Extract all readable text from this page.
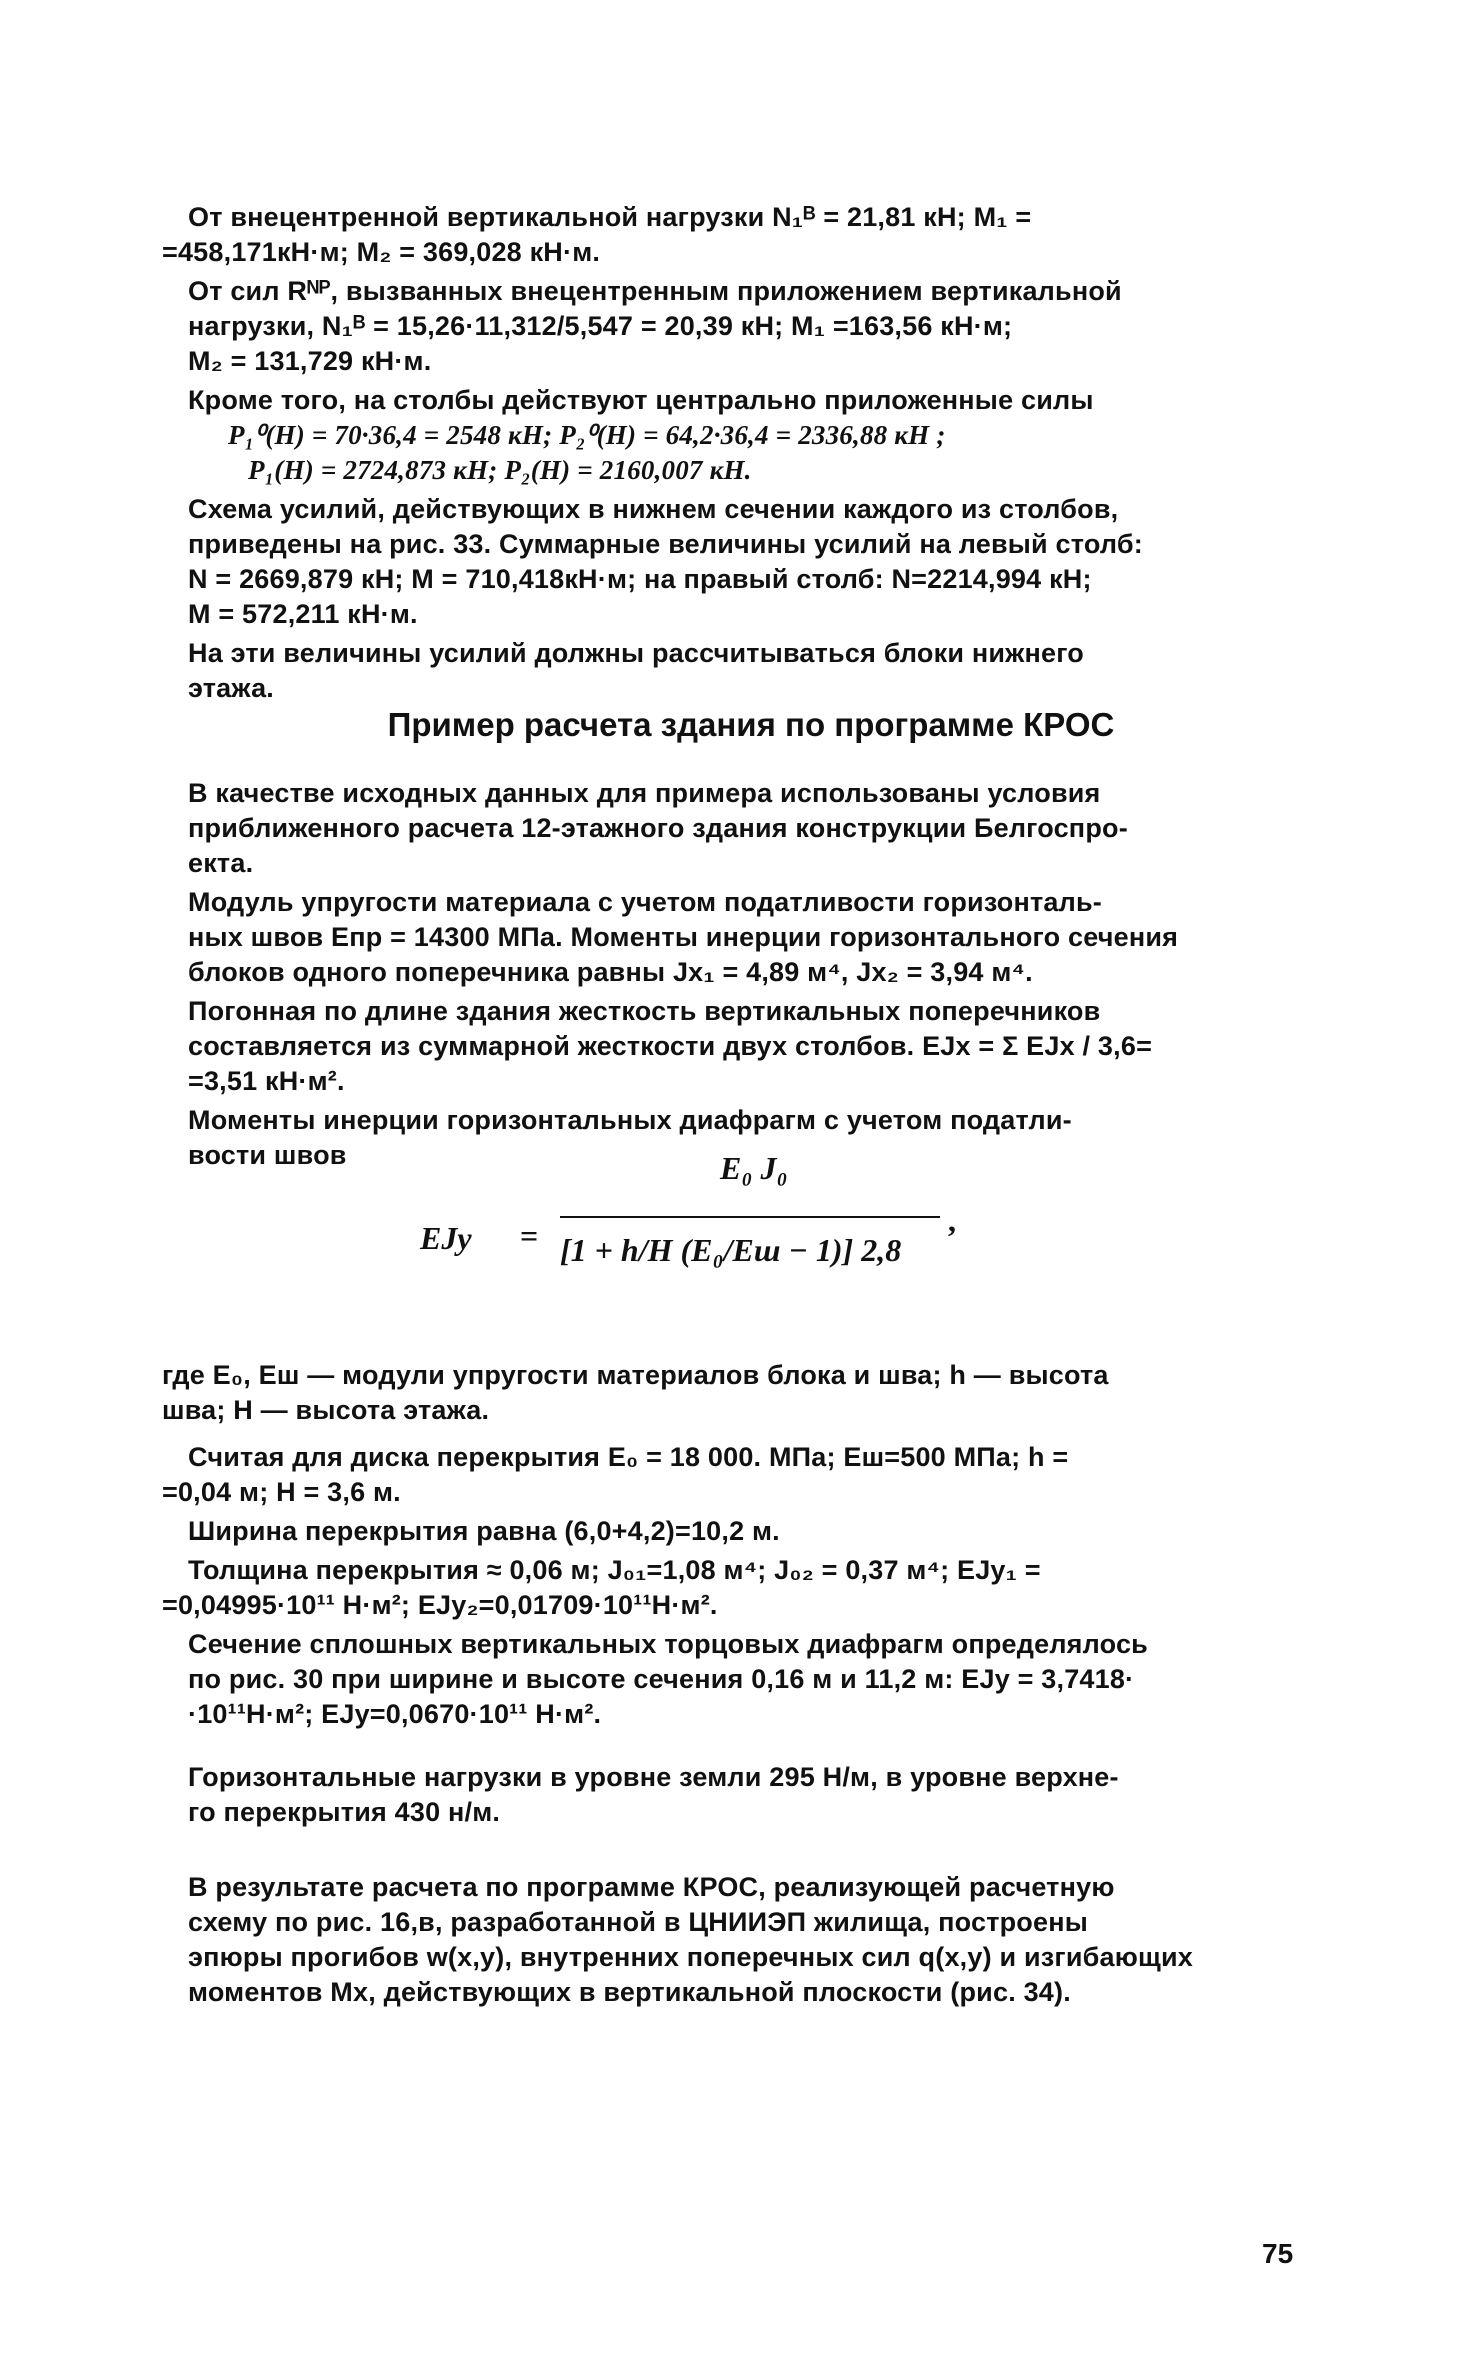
От внецентренной вертикальной нагрузки N₁ᴮ = 21,81 кН; M₁ =
=458,171кН·м; M₂ = 369,028 кН·м.
От сил Rᴺᴾ, вызванных внецентренным приложением вертикальной
нагрузки, N₁ᴮ = 15,26·11,312/5,547 = 20,39 кН; M₁ =163,56 кН·м;
M₂ = 131,729 кН·м.
Кроме того, на столбы действуют центрально приложенные силы
P₁⁰(H) = 70·36,4 = 2548 кН; P₂⁰(H) = 64,2·36,4 = 2336,88 кН ;
P₁(H) = 2724,873 кН; P₂(H) = 2160,007 кН.
Схема усилий, действующих в нижнем сечении каждого из столбов,
приведены на рис. 33. Суммарные величины усилий на левый столб:
N = 2669,879 кН; M = 710,418кН·м; на правый столб: N=2214,994 кН;
M = 572,211 кН·м.
На эти величины усилий должны рассчитываться блоки нижнего
этажа.
Пример расчета здания по программе КРОС
В качестве исходных данных для примера использованы условия
приближенного расчета 12-этажного здания конструкции Белгоспро-
екта.
Модуль упругости материала с учетом податливости горизонталь-
ных швов Eпр = 14300 МПа. Моменты инерции горизонтального сечения
блоков одного поперечника равны Jx₁ = 4,89 м⁴, Jx₂ = 3,94 м⁴.
Погонная по длине здания жесткость вертикальных поперечников
составляется из суммарной жесткости двух столбов. EJx = Σ EJx / 3,6=
=3,51 кН·м².
Моменты инерции горизонтальных диафрагм с учетом податли-
вости швов
EJy =
E₀ J₀
[1 + h/H (E₀/Eш − 1)] 2,8
,
где E₀, Eш — модули упругости материалов блока и шва; h — высота
шва; H — высота этажа.
Считая для диска перекрытия E₀ = 18 000. МПа; Eш=500 МПа; h =
=0,04 м; H = 3,6 м.
Ширина перекрытия равна (6,0+4,2)=10,2 м.
Толщина перекрытия ≈ 0,06 м; J₀₁=1,08 м⁴; J₀₂ = 0,37 м⁴; EJy₁ =
=0,04995·10¹¹ Н·м²; EJy₂=0,01709·10¹¹Н·м².
Сечение сплошных вертикальных торцовых диафрагм определялось
по рис. 30 при ширине и высоте сечения 0,16 м и 11,2 м: EJy = 3,7418·
·10¹¹Н·м²; EJy=0,0670·10¹¹ Н·м².
Горизонтальные нагрузки в уровне земли 295 Н/м, в уровне верхне-
го перекрытия 430 н/м.
В результате расчета по программе КРОС, реализующей расчетную
схему по рис. 16,в, разработанной в ЦНИИЭП жилища, построены
эпюры прогибов w(x,y), внутренних поперечных сил q(x,y) и изгибающих
моментов Mx, действующих в вертикальной плоскости (рис. 34).
75
